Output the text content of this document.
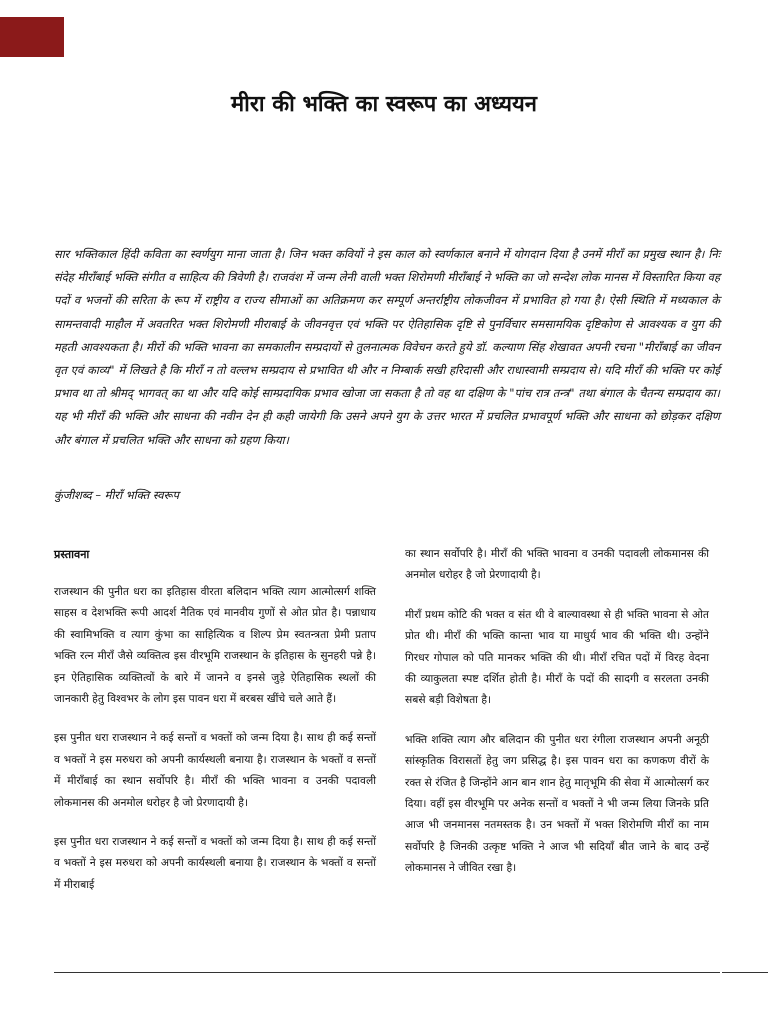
मीरा की भक्ति का स्वरूप का अध्ययन

सार भक्तिकाल हिंदी कविता का स्वर्णयुग माना जाता है। जिन भक्त कवियों ने इस काल को स्वर्णकाल बनाने में योगदान दिया है उनमें मीराँ का प्रमुख स्थान है। निः संदेह मीराँबाई भक्ति संगीत व साहित्य की त्रिवेणी है। राजवंश में जन्म लेनी वाली भक्त शिरोमणी मीराँबाई ने भक्ति का जो सन्देश लोक मानस में विस्तारित किया वह पदों व भजनों की सरिता के रूप में राष्ट्रीय व राज्य सीमाओं का अतिक्रमण कर सम्पूर्ण अन्तर्राष्ट्रीय लोकजीवन में प्रभावित हो गया है। ऐसी स्थिति में मध्यकाल के सामन्तवादी माहौल में अवतरित भक्त शिरोमणी मीराबाई के जीवनवृत्त एवं भक्ति पर ऐतिहासिक दृष्टि से पुनर्विचार समसामयिक दृष्टिकोण से आवश्यक व युग की महती आवश्यकता है। मीरों की भक्ति भावना का समकालीन सम्प्रदायों से तुलनात्मक विवेचन करते हुये डॉ. कल्याण सिंह शेखावत अपनी रचना "मीराँबाई का जीवन वृत एवं काव्य" में लिखते है कि मीराँ न तो वल्लभ सम्प्रदाय से प्रभावित थी और न निम्बार्क सखी हरिदासी और राधास्वामी सम्प्रदाय से। यदि मीराँ की भक्ति पर कोई प्रभाव था तो श्रीमद् भागवत् का था और यदि कोई साम्प्रदायिक प्रभाव खोजा जा सकता है तो वह था दक्षिण के "पांच रात्र तन्त्र" तथा बंगाल के चैतन्य सम्प्रदाय का। यह भी मीराँ की भक्ति और साधना की नवीन देन ही कही जायेगी कि उसने अपने युग के उत्तर भारत में प्रचलित प्रभावपूर्ण भक्ति और साधना को छोड़कर दक्षिण और बंगाल में प्रचलित भक्ति और साधना को ग्रहण किया।

कुंजीशब्द – मीराँ भक्ति स्वरूप

प्रस्तावना

राजस्थान की पुनीत धरा का इतिहास वीरता बलिदान भक्ति त्याग आत्मोत्सर्ग शक्ति साहस व देशभक्ति रूपी आदर्श नैतिक एवं मानवीय गुणों से ओत प्रोत है। पन्नाधाय की स्वामिभक्ति व त्याग कुंभा का साहित्यिक व शिल्प प्रेम स्वतन्त्रता प्रेमी प्रताप भक्ति रत्न मीराँ जैसे व्यक्तित्व इस वीरभूमि राजस्थान के इतिहास के सुनहरी पन्ने है। इन ऐतिहासिक व्यक्तित्वों के बारे में जानने व इनसे जुड़े ऐतिहासिक स्थलों की जानकारी हेतु विश्वभर के लोग इस पावन धरा में बरबस खींचे चले आते हैं।

इस पुनीत धरा राजस्थान ने कई सन्तों व भक्तों को जन्म दिया है। साथ ही कई सन्तों व भक्तों ने इस मरुधरा को अपनी कार्यस्थली बनाया है। राजस्थान के भक्तों व सन्तों में मीराँबाई का स्थान सर्वोपरि है। मीराँ की भक्ति भावना व उनकी पदावली लोकमानस की अनमोल धरोहर है जो प्रेरणादायी है।

इस पुनीत धरा राजस्थान ने कई सन्तों व भक्तों को जन्म दिया है। साथ ही कई सन्तों व भक्तों ने इस मरुधरा को अपनी कार्यस्थली बनाया है। राजस्थान के भक्तों व सन्तों में मीराबाई

का स्थान सर्वोपरि है। मीराँ की भक्ति भावना व उनकी पदावली लोकमानस की अनमोल धरोहर है जो प्रेरणादायी है।

मीराँ प्रथम कोटि की भक्त व संत थी वे बाल्यावस्था से ही भक्ति भावना से ओत प्रोत थी। मीराँ की भक्ति कान्ता भाव या माधुर्य भाव की भक्ति थी। उन्होंने गिरधर गोपाल को पति मानकर भक्ति की थी। मीराँ रचित पदों में विरह वेदना की व्याकुलता स्पष्ट दर्शित होती है। मीराँ के पदों की सादगी व सरलता उनकी सबसे बड़ी विशेषता है।

भक्ति शक्ति त्याग और बलिदान की पुनीत धरा रंगीला राजस्थान अपनी अनूठी सांस्कृतिक विरासतों हेतु जग प्रसिद्ध है। इस पावन धरा का कणकण वीरों के रक्त से रंजित है जिन्होंने आन बान शान हेतु मातृभूमि की सेवा में आत्मोत्सर्ग कर दिया। वहीं इस वीरभूमि पर अनेक सन्तों व भक्तों ने भी जन्म लिया जिनके प्रति आज भी जनमानस नतमस्तक है। उन भक्तों में भक्त शिरोमणि मीराँ का नाम सर्वोपरि है जिनकी उत्कृष्ट भक्ति ने आज भी सदियाँ बीत जाने के बाद उन्हें लोकमानस ने जीवित रखा है।
